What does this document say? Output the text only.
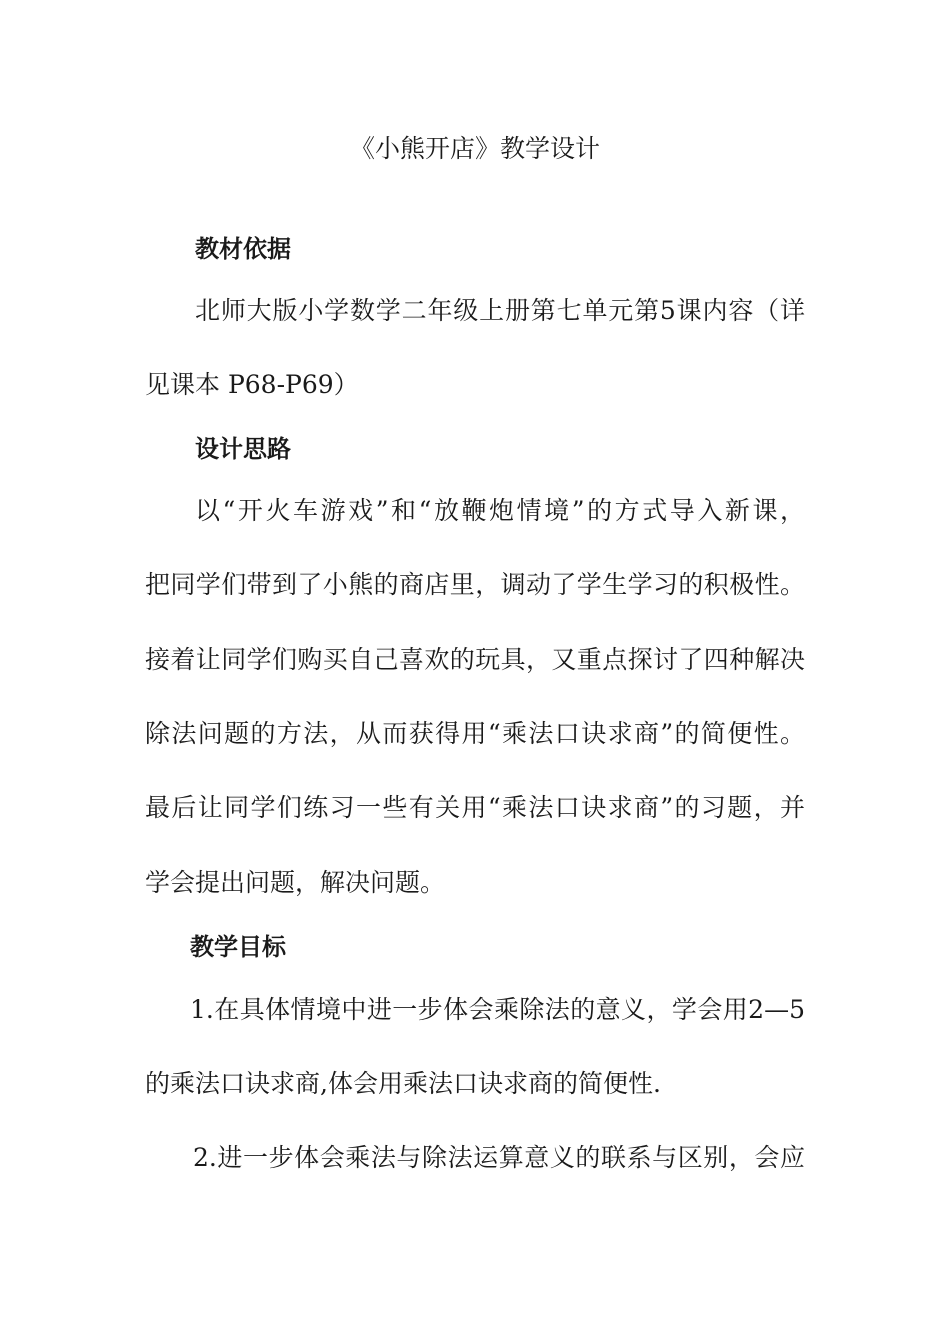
《小熊开店》教学设计
教材依据
北师大版小学数学二年级上册第七单元第5课内容（详
见课本 P68-P69）
设计思路
以“开火车游戏”和“放鞭炮情境”的方式导入新课，
把同学们带到了小熊的商店里，调动了学生学习的积极性。
接着让同学们购买自己喜欢的玩具，又重点探讨了四种解决
除法问题的方法，从而获得用“乘法口诀求商”的简便性。
最后让同学们练习一些有关用“乘法口诀求商”的习题，并
学会提出问题，解决问题。
教学目标
1.在具体情境中进一步体会乘除法的意义，学会用2—5
的乘法口诀求商,体会用乘法口诀求商的简便性.
2.进一步体会乘法与除法运算意义的联系与区别，会应
